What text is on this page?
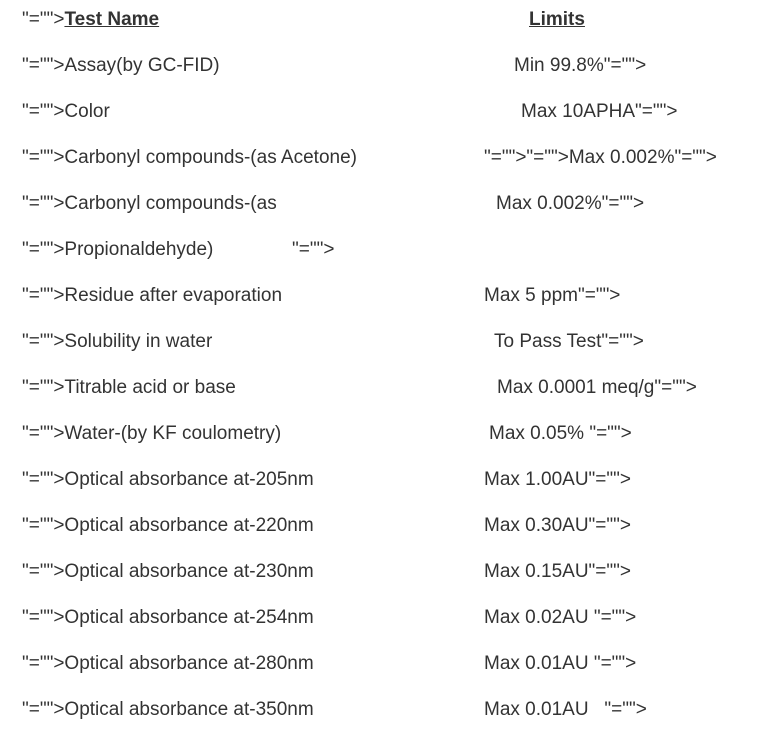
"="">Test Name	Limits
"="">Assay(by GC-FID)	Min 99.8%"="">
"="">Color	Max 10APHA"="">
"="">Carbonyl compounds-(as Acetone)	"="">"="">Max 0.002%"="">
"="">Carbonyl compounds-(as	Max 0.002%"="">
"="">Propionaldehyde)	"="">
"="">Residue after evaporation	Max 5 ppm"="">
"="">Solubility in water	To Pass Test"="">
"="">Titrable acid or base	Max 0.0001 meq/g"="">
"="">Water-(by KF coulometry)	Max 0.05% "="">
"="">Optical absorbance at-205nm	Max 1.00AU"="">
"="">Optical absorbance at-220nm	Max 0.30AU"="">
"="">Optical absorbance at-230nm	Max 0.15AU"="">
"="">Optical absorbance at-254nm	Max 0.02AU "="">
"="">Optical absorbance at-280nm	Max 0.01AU "="">
"="">Optical absorbance at-350nm	Max 0.01AU   "="">
